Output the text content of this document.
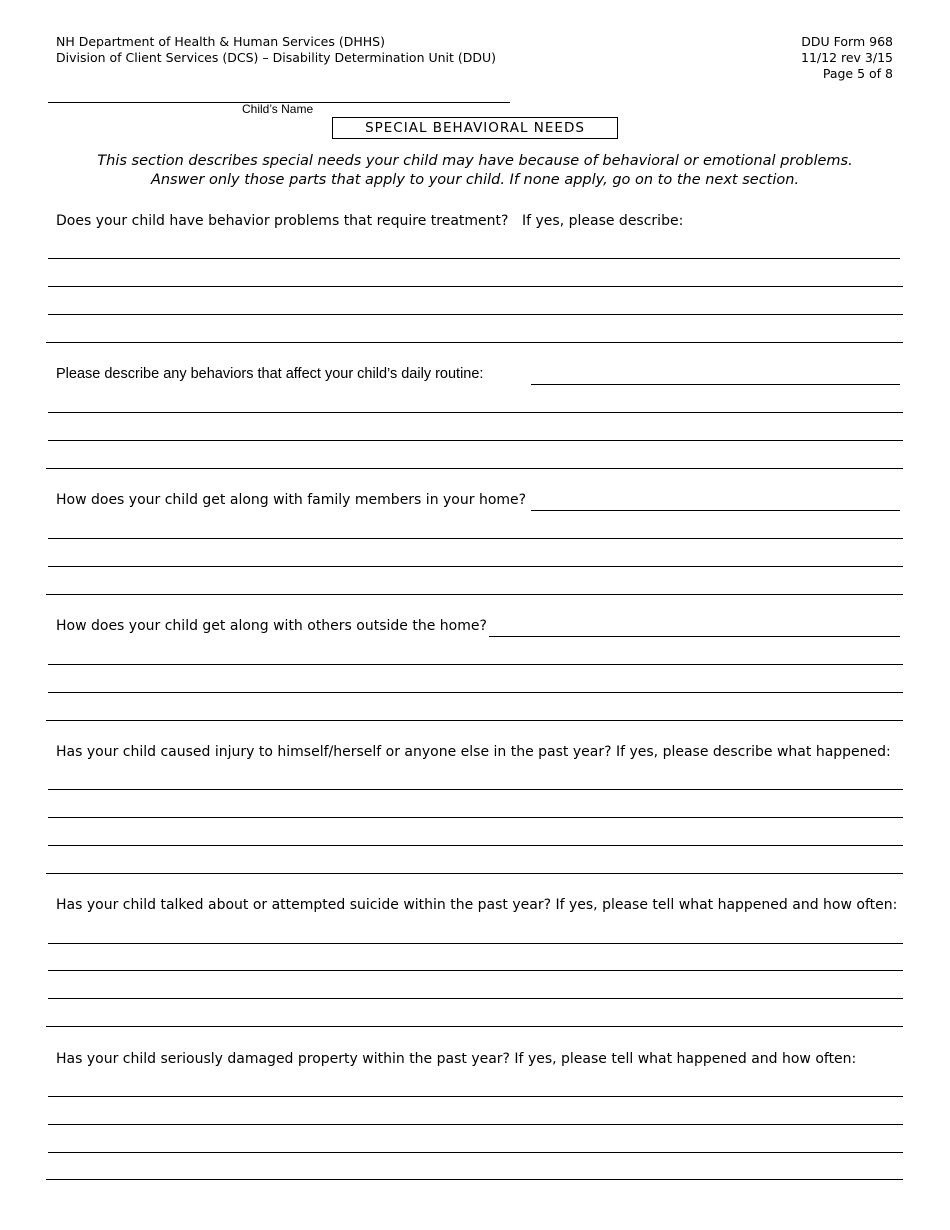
NH Department of Health & Human Services (DHHS)
Division of Client Services (DCS) – Disability Determination Unit (DDU)
DDU Form 968
11/12 rev 3/15
Page 5 of 8
Child’s Name
SPECIAL BEHAVIORAL NEEDS
This section describes special needs your child may have because of behavioral or emotional problems.
Answer only those parts that apply to your child. If none apply, go on to the next section.
Does your child have behavior problems that require treatment? If yes, please describe:
Please describe any behaviors that affect your child’s daily routine:
How does your child get along with family members in your home?
How does your child get along with others outside the home?
Has your child caused injury to himself/herself or anyone else in the past year? If yes, please describe what happened:
Has your child talked about or attempted suicide within the past year? If yes, please tell what happened and how often:
Has your child seriously damaged property within the past year? If yes, please tell what happened and how often:
